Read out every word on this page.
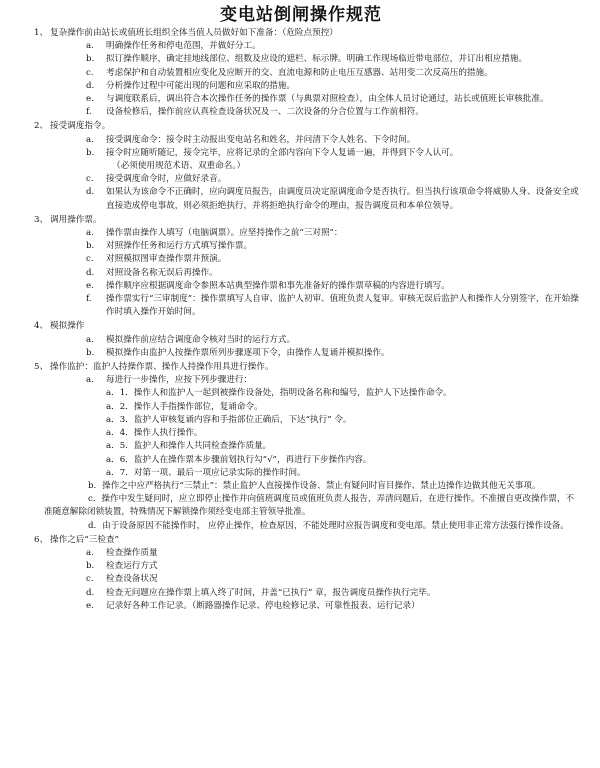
变电站倒闸操作规范
1、 复杂操作前由站长或值班长组织全体当值人员做好如下准备：（危险点预控）
a. 明确操作任务和停电范围，并做好分工。
b. 拟订操作顺序，确定挂地线部位、组数及应设的遮栏、标示牌。明确工作现场临近带电部位，并订出相应措施。
c. 考虑保护和自动装置相应变化及应断开的交、直流电源和防止电压互感器、站用变二次反高压的措施。
d. 分析操作过程中可能出现的问题和应采取的措施。
e. 与调度联系后，调出符合本次操作任务的操作票（与典票对照检查），由全体人员讨论通过，站长或值班长审核批准。
f. 设备检修后，操作前应认真检查设备状况及一、二次设备的分合位置与工作前相符。
2、 接受调度指令。
a. 接受调度命令：接令时主动报出变电站名和姓名，并问清下令人姓名、下令时间。
b. 接令时应随听随记，接令完毕，应将记录的全部内容向下令人复诵一遍，并得到下令人认可。
（必须使用规范术语、双重命名。）
c. 接受调度命令时，应做好录音。
d. 如果认为该命令不正确时，应向调度员报告，由调度员决定原调度命令是否执行。但当执行该项命令将威胁人身、设备安全或直接造成停电事故，则必须拒绝执行，并将拒绝执行命令的理由，报告调度员和本单位领导。
3、 调用操作票。
a. 操作票由操作人填写（电脑调票）。应坚持操作之前“三对照”：
b. 对照操作任务和运行方式填写操作票。
c. 对照模拟图审查操作票并预演。
d. 对照设备名称无误后再操作。
e. 操作顺序应根据调度命令参照本站典型操作票和事先准备好的操作票草稿的内容进行填写。
f. 操作票实行“三审制度”：操作票填写人自审、监护人初审、值班负责人复审。审核无误后监护人和操作人分别签字，在开始操作时填入操作开始时间。
4、 模拟操作
a. 模拟操作前应结合调度命令核对当时的运行方式。
b. 模拟操作由监护人按操作票所列步骤逐项下令，由操作人复诵并模拟操作。
5、 操作监护：监护人持操作票、操作人持操作用具进行操作。
a. 每进行一步操作，应按下列步骤进行：
a．1．操作人和监护人一起到被操作设备处，指明设备名称和编号，监护人下达操作命令。
a．2．操作人手指操作部位，复诵命令。
a．3．监护人审核复诵内容和手指部位正确后，下达“执行” 令。
a．4．操作人执行操作。
a．5．监护人和操作人共同检查操作质量。
a．6．监护人在操作票本步骤前划执行勾“√”，再进行下步操作内容。
a．7．对第一项、最后一项应记录实际的操作时间。
b．操作之中应严格执行“三禁止”：禁止监护人直接操作设备、禁止有疑问时盲目操作、禁止边操作边做其他无关事项。
c．操作中发生疑问时，应立即停止操作并向值班调度员或值班负责人报告，弄清问题后，在进行操作。不准擅自更改操作票，不准随意解除闭锁装置，特殊情况下解锁操作须经变电部主管领导批准。
d．由于设备原因不能操作时， 应停止操作，检查原因，不能处理时应报告调度和变电部。禁止使用非正常方法强行操作设备。
6、 操作之后“三检查”
a. 检查操作质量
b. 检查运行方式
c. 检查设备状况
d. 检查无问题应在操作票上填入终了时间，并盖“已执行” 章，报告调度员操作执行完毕。
e. 记录好各种工作记录。（断路器操作记录、停电检修记录、可靠性报表、运行记录）
